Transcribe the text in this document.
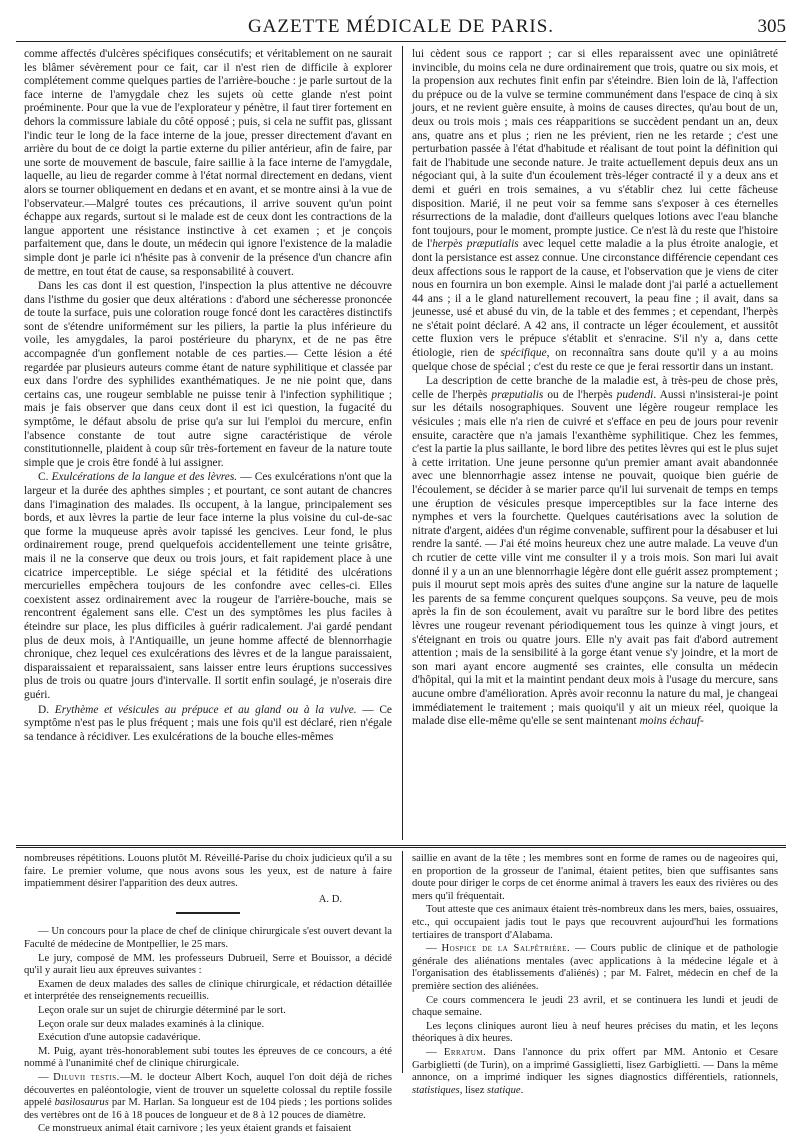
GAZETTE MÉDICALE DE PARIS.	305

comme affectés d'ulcères spécifiques consécutifs; et véritablement on ne saurait les blâmer sévèrement pour ce fait, car il n'est rien de difficile à explorer complétement comme quelques parties de l'arrière-bouche : je parle surtout de la face interne de l'amygdale chez les sujets où cette glande n'est point proéminente. Pour que la vue de l'explorateur y pénètre, il faut tirer fortement en dehors la commissure labiale du côté opposé ; puis, si cela ne suffit pas, glissant l'indic teur le long de la face interne de la joue, presser directement d'avant en arrière du bout de ce doigt la partie externe du pilier antérieur, afin de faire, par une sorte de mouvement de bascule, faire saillie à la face interne de l'amygdale, laquelle, au lieu de regarder comme à l'état normal directement en dedans, vient alors se tourner obliquement en dedans et en avant, et se montre ainsi à la vue de l'observateur.—Malgré toutes ces précautions, il arrive souvent qu'un point échappe aux regards, surtout si le malade est de ceux dont les contractions de la langue apportent une résistance instinctive à cet examen ; et je conçois parfaitement que, dans le doute, un médecin qui ignore l'existence de la maladie simple dont je parle ici n'hésite pas à convenir de la présence d'un chancre afin de mettre, en tout état de cause, sa responsabilité à couvert.

Dans les cas dont il est question, l'inspection la plus attentive ne découvre dans l'isthme du gosier que deux altérations : d'abord une sécheresse prononcée de toute la surface, puis une coloration rouge foncé dont les caractères distinctifs sont de s'étendre uniformément sur les piliers, la partie la plus inférieure du voile, les amygdales, la paroi postérieure du pharynx, et de ne pas être accompagnée d'un gonflement notable de ces parties.— Cette lésion a été regardée par plusieurs auteurs comme étant de nature syphilitique et classée par eux dans l'ordre des syphilides exanthématiques. Je ne nie point que, dans certains cas, une rougeur semblable ne puisse tenir à l'infection syphilitique ; mais je fais observer que dans ceux dont il est ici question, la fugacité du symptôme, le défaut absolu de prise qu'a sur lui l'emploi du mercure, enfin l'absence constante de tout autre signe caractéristique de vérole constitutionnelle, plaident à coup sûr très-fortement en faveur de la nature toute simple que je crois être fondé à lui assigner.

C. Exulcérations de la langue et des lèvres. — Ces exulcérations n'ont que la largeur et la durée des aphthes simples ; et pourtant, ce sont autant de chancres dans l'imagination des malades. Ils occupent, à la langue, principalement ses bords, et aux lèvres la partie de leur face interne la plus voisine du cul-de-sac que forme la muqueuse après avoir tapissé les gencives. Leur fond, le plus ordinairement rouge, prend quelquefois accidentellement une teinte grisâtre, mais il ne la conserve que deux ou trois jours, et fait rapidement place à une cicatrice imperceptible. Le siége spécial et la fétidité des ulcérations mercurielles empêchera toujours de les confondre avec celles-ci. Elles coexistent assez ordinairement avec la rougeur de l'arrière-bouche, mais se rencontrent également sans elle. C'est un des symptômes les plus faciles à éteindre sur place, les plus difficiles à guérir radicalement. J'ai gardé pendant plus de deux mois, à l'Antiquaille, un jeune homme affecté de blennorrhagie chronique, chez lequel ces exulcérations des lèvres et de la langue paraissaient, disparaissaient et reparaissaient, sans laisser entre leurs éruptions successives plus de trois ou quatre jours d'intervalle. Il sortit enfin soulagé, je n'oserais dire guéri.

D. Erythème et vésicules au prépuce et au gland ou à la vulve. — Ce symptôme n'est pas le plus fréquent ; mais une fois qu'il est déclaré, rien n'égale sa tendance à récidiver. Les exulcérations de la bouche elles-mêmes

lui cèdent sous ce rapport ; car si elles reparaissent avec une opiniâtreté invincible, du moins cela ne dure ordinairement que trois, quatre ou six mois, et la propension aux rechutes finit enfin par s'éteindre. Bien loin de là, l'affection du prépuce ou de la vulve se termine communément dans l'espace de cinq à six jours, et ne revient guère ensuite, à moins de causes directes, qu'au bout de un, deux ou trois mois ; mais ces réapparitions se succèdent pendant un an, deux ans, quatre ans et plus ; rien ne les prévient, rien ne les retarde ; c'est une perturbation passée à l'état d'habitude et réalisant de tout point la définition qui fait de l'habitude une seconde nature. Je traite actuellement depuis deux ans un négociant qui, à la suite d'un écoulement très-léger contracté il y a deux ans et demi et guéri en trois semaines, a vu s'établir chez lui cette fâcheuse disposition. Marié, il ne peut voir sa femme sans s'exposer à ces éternelles résurrections de la maladie, dont d'ailleurs quelques lotions avec l'eau blanche font toujours, pour le moment, prompte justice. Ce n'est là du reste que l'histoire de l'herpès præputialis avec lequel cette maladie a la plus étroite analogie, et dont la persistance est assez connue. Une circonstance différencie cependant ces deux affections sous le rapport de la cause, et l'observation que je viens de citer nous en fournira un bon exemple. Ainsi le malade dont j'ai parlé a actuellement 44 ans ; il a le gland naturellement recouvert, la peau fine ; il avait, dans sa jeunesse, usé et abusé du vin, de la table et des femmes ; et cependant, l'herpès ne s'était point déclaré. A 42 ans, il contracte un léger écoulement, et aussitôt cette fluxion vers le prépuce s'établit et s'enracine. S'il n'y a, dans cette étiologie, rien de spécifique, on reconnaîtra sans doute qu'il y a au moins quelque chose de spécial ; c'est du reste ce que je ferai ressortir dans un instant.

La description de cette branche de la maladie est, à très-peu de chose près, celle de l'herpès præputialis ou de l'herpès pudendi. Aussi n'insisterai-je point sur les détails nosographiques. Souvent une légère rougeur remplace les vésicules ; mais elle n'a rien de cuivré et s'efface en peu de jours pour revenir ensuite, caractère que n'a jamais l'exanthème syphilitique. Chez les femmes, c'est la partie la plus saillante, le bord libre des petites lèvres qui est le plus sujet à cette irritation. Une jeune personne qu'un premier amant avait abandonnée avec une blennorrhagie assez intense ne pouvait, quoique bien guérie de l'écoulement, se décider à se marier parce qu'il lui survenait de temps en temps une éruption de vésicules presque imperceptibles sur la face interne des nymphes et vers la fourchette. Quelques cautérisations avec la solution de nitrate d'argent, aidées d'un régime convenable, suffirent pour la désabuser et lui rendre la santé. — J'ai été moins heureux chez une autre malade. La veuve d'un ch rcutier de cette ville vint me consulter il y a trois mois. Son mari lui avait donné il y a un an une blennorrhagie légère dont elle guérit assez promptement ; puis il mourut sept mois après des suites d'une angine sur la nature de laquelle les parents de sa femme conçurent quelques soupçons. Sa veuve, peu de mois après la fin de son écoulement, avait vu paraître sur le bord libre des petites lèvres une rougeur revenant périodiquement tous les quinze à vingt jours, et s'éteignant en trois ou quatre jours. Elle n'y avait pas fait d'abord autrement attention ; mais de la sensibilité à la gorge étant venue s'y joindre, et la mort de son mari ayant encore augmenté ses craintes, elle consulta un médecin d'hôpital, qui la mit et la maintint pendant deux mois à l'usage du mercure, sans aucune ombre d'amélioration. Après avoir reconnu la nature du mal, je changeai immédiatement le traitement ; mais quoiqu'il y ait un mieux réel, quoique la malade dise elle-même qu'elle se sent maintenant moins échauf-

nombreuses répétitions. Louons plutôt M. Réveillé-Parise du choix judicieux qu'il a su faire. Le premier volume, que nous avons sous les yeux, est de nature à faire impatiemment désirer l'apparition des deux autres.

A. D.

— Un concours pour la place de chef de clinique chirurgicale s'est ouvert devant la Faculté de médecine de Montpellier, le 25 mars.

Le jury, composé de MM. les professeurs Dubrueil, Serre et Bouissor, a décidé qu'il y aurait lieu aux épreuves suivantes :

Examen de deux malades des salles de clinique chirurgicale, et rédaction détaillée et interprétée des renseignements recueillis.

Leçon orale sur un sujet de chirurgie déterminé par le sort.

Leçon orale sur deux malades examinés à la clinique.

Exécution d'une autopsie cadavérique.

M. Puig, ayant très-honorablement subi toutes les épreuves de ce concours, a été nommé à l'unanimité chef de clinique chirurgicale.

— Diluvii testis.—M. le docteur Albert Koch, auquel l'on doit déjà de riches découvertes en paléontologie, vient de trouver un squelette colossal du reptile fossile appelé basilosaurus par M. Harlan. Sa longueur est de 104 pieds ; les portions solides des vertèbres ont de 16 à 18 pouces de longueur et de 8 à 12 pouces de diamètre.

Ce monstrueux animal était carnivore ; les yeux étaient grands et faisaient

saillie en avant de la tête ; les membres sont en forme de rames ou de nageoires qui, en proportion de la grosseur de l'animal, étaient petites, bien que suffisantes sans doute pour diriger le corps de cet énorme animal à travers les eaux des rivières ou des mers qu'il fréquentait.

Tout atteste que ces animaux étaient très-nombreux dans les mers, baies, ossuaires, etc., qui occupaient jadis tout le pays que recouvrent aujourd'hui les formations tertiaires de transport d'Alabama.

— Hospice de la Salpêtrière. — Cours public de clinique et de pathologie générale des aliénations mentales (avec applications à la médecine légale et à l'organisation des établissements d'aliénés) ; par M. Falret, médecin en chef de la première section des aliénées.

Ce cours commencera le jeudi 23 avril, et se continuera les lundi et jeudi de chaque semaine.

Les leçons cliniques auront lieu à neuf heures précises du matin, et les leçons théoriques à dix heures.

— Erratum. Dans l'annonce du prix offert par MM. Antonio et Cesare Garbiglietti (de Turin), on a imprimé Gassiglietti, lisez Garbiglietti. — Dans la même annonce, on a imprimé indiquer les signes diagnostics différentiels, rationnels, statistiques, lisez statique.
